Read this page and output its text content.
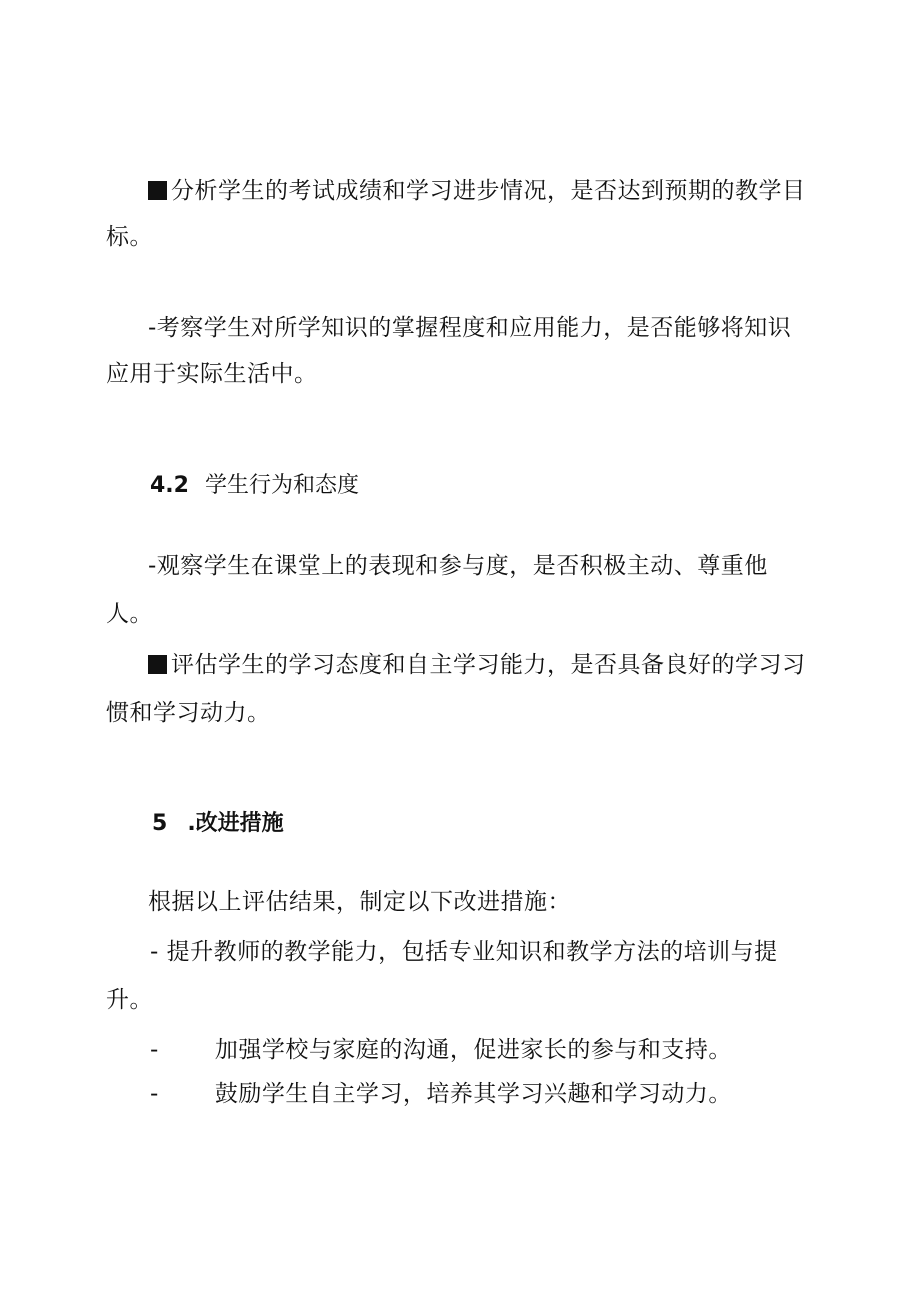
分析学生的考试成绩和学习进步情况，是否达到预期的教学目
标。
-考察学生对所学知识的掌握程度和应用能力，是否能够将知识
应用于实际生活中。
4.2 学生行为和态度
-观察学生在课堂上的表现和参与度，是否积极主动、尊重他
人。
评估学生的学习态度和自主学习能力，是否具备良好的学习习
惯和学习动力。
5 .改进措施
根据以上评估结果，制定以下改进措施：
- 提升教师的教学能力，包括专业知识和教学方法的培训与提
升。
- 加强学校与家庭的沟通，促进家长的参与和支持。
- 鼓励学生自主学习，培养其学习兴趣和学习动力。
